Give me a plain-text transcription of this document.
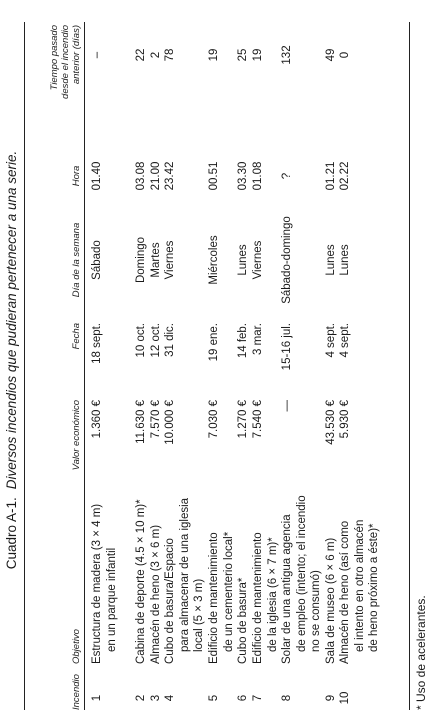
Cuadro A-1.Diversos incendios que pudieran pertenecer a una serie.
Incendio
Objetivo
Valor económico
Fecha
Día de la semana
Hora
Tiempo pasado desde el incendio anterior (días)
Estructura de madera (3 × 4 m) en un parque infantil
1
1.360 €
18 sept.
Sábado
01.40
–
Cabina de deporte (4.5 × 10 m)*
2
11.630 €
10 oct.
Domingo
03.08
22
Almacén de heno (3 × 6 m)
3
7.570 €
12 oct.
Martes
21.00
2
Cubo de basura/Espacio para almacenar de una iglesia local (5 × 3 m)
4
10.000 €
31 dic.
Viernes
23.42
78
Edificio de mantenimiento de un cementerio local*
5
7.030 €
19 ene.
Miércoles
00.51
19
Cubo de basura*
6
1.270 €
14 feb.
Lunes
03.30
25
Edificio de mantenimiento de la iglesia (6 × 7 m)*
7
7.540 €
3 mar.
Viernes
01.08
19
Solar de una antigua agencia de empleo (intento; el incendio no se consumó)
8
—
15-16 jul.
Sábado-domingo
?
132
Sala de museo (6 × 6 m)
9
43.530 €
4 sept.
Lunes
01.21
49
Almacén de heno (así como el intento en otro almacén de heno próximo a éste)*
10
5.930 €
4 sept.
Lunes
02.22
0
* Uso de acelerantes.
